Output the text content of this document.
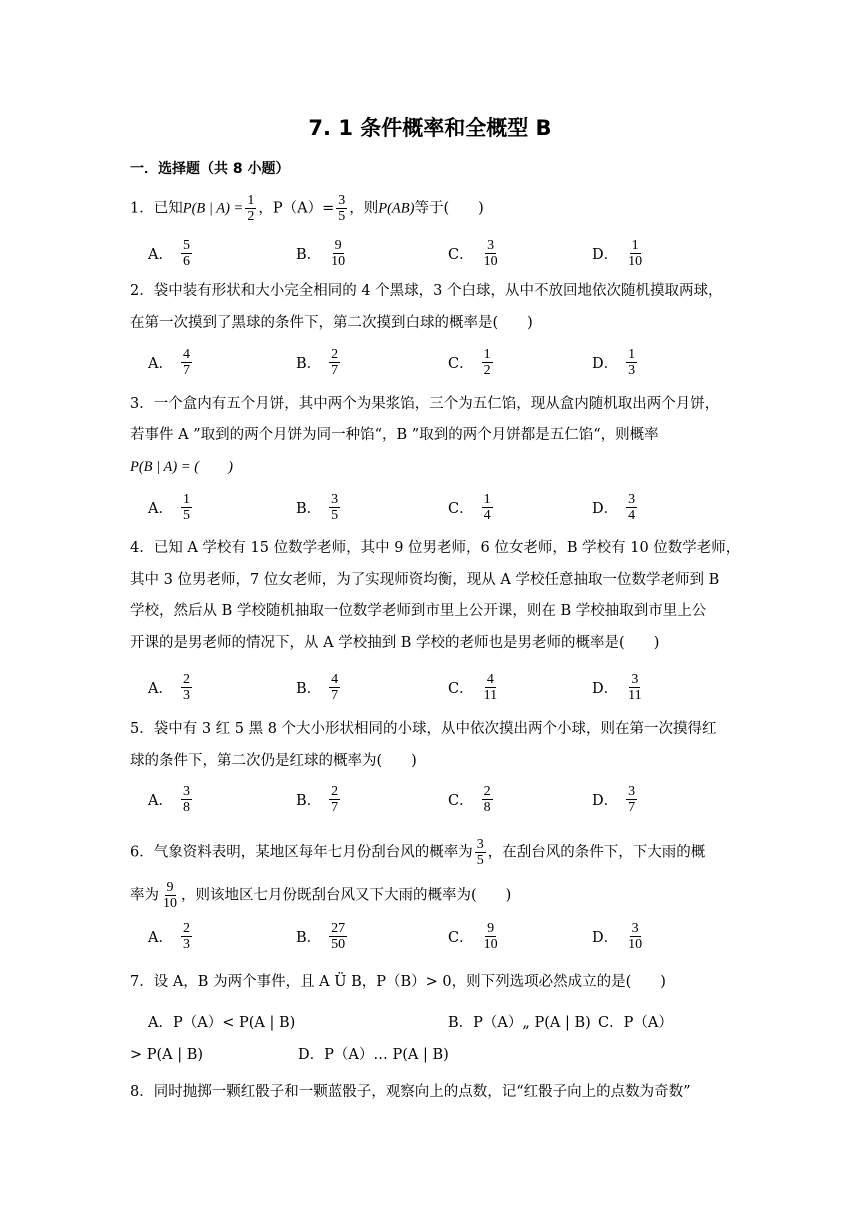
7. 1 条件概率和全概型 B
一．选择题（共 8 小题）
1．已知P(B | $A) = \frac{1}{2}$ ，$P(A)= \frac{3}{5}$ ，则P(AB)等于(　　)
A． $\frac{5}{6}$	B． $\frac{9}{10}$	C． $\frac{3}{10}$	D． $\frac{1}{10}$
2．袋中装有形状和大小完全相同的 4 个黑球，3 个白球，从中不放回地依次随机摸取两球，
在第一次摸到了黑球的条件下，第二次摸到白球的概率是(　　)
A． $\frac{4}{7}$	B． $\frac{2}{7}$	C． $\frac{1}{2}$	D． $\frac{1}{3}$
3．一个盒内有五个月饼，其中两个为果浆馅，三个为五仁馅，现从盒内随机取出两个月饼，
若事件 A ”取到的两个月饼为同一种馅“，B ”取到的两个月饼都是五仁馅“，则概率
P(B | A) = (　　)
A． $\frac{1}{5}$	B． $\frac{3}{5}$	C． $\frac{1}{4}$	D． $\frac{3}{4}$
4．已知 A 学校有 15 位数学老师，其中 9 位男老师，6 位女老师，B 学校有 10 位数学老师，
其中 3 位男老师，7 位女老师，为了实现师资均衡，现从 A 学校任意抽取一位数学老师到 B
学校，然后从 B 学校随机抽取一位数学老师到市里上公开课，则在 B 学校抽取到市里上公
开课的是男老师的情况下，从 A 学校抽到 B 学校的老师也是男老师的概率是(　　)
A． $\frac{2}{3}$	B． $\frac{4}{7}$	C． $\frac{4}{11}$	D． $\frac{3}{11}$
5．袋中有 3 红 5 黑 8 个大小形状相同的小球，从中依次摸出两个小球，则在第一次摸得红
球的条件下，第二次仍是红球的概率为(　　)
A． $\frac{3}{8}$	B． $\frac{2}{7}$	C． $\frac{2}{8}$	D． $\frac{3}{7}$
6．气象资料表明，某地区每年七月份刮台风的概率为 $\frac{3}{5}$ ，在刮台风的条件下，下大雨的概
率为 $\frac{9}{10}$ ，则该地区七月份既刮台风又下大雨的概率为(　　)
A． $\frac{2}{3}$	B． $\frac{27}{50}$	C． $\frac{9}{10}$	D． $\frac{3}{10}$
7．设 A，B 为两个事件，且 A Ü B，P（B）> 0，则下列选项必然成立的是(　　)
A．P（A）< P(A | B)	B．P（A）„ P(A | B) C．P（A）
> P(A | B)	D．P（A）… P(A | B)
8．同时抛掷一颗红骰子和一颗蓝骰子，观察向上的点数，记“红骰子向上的点数为奇数”
